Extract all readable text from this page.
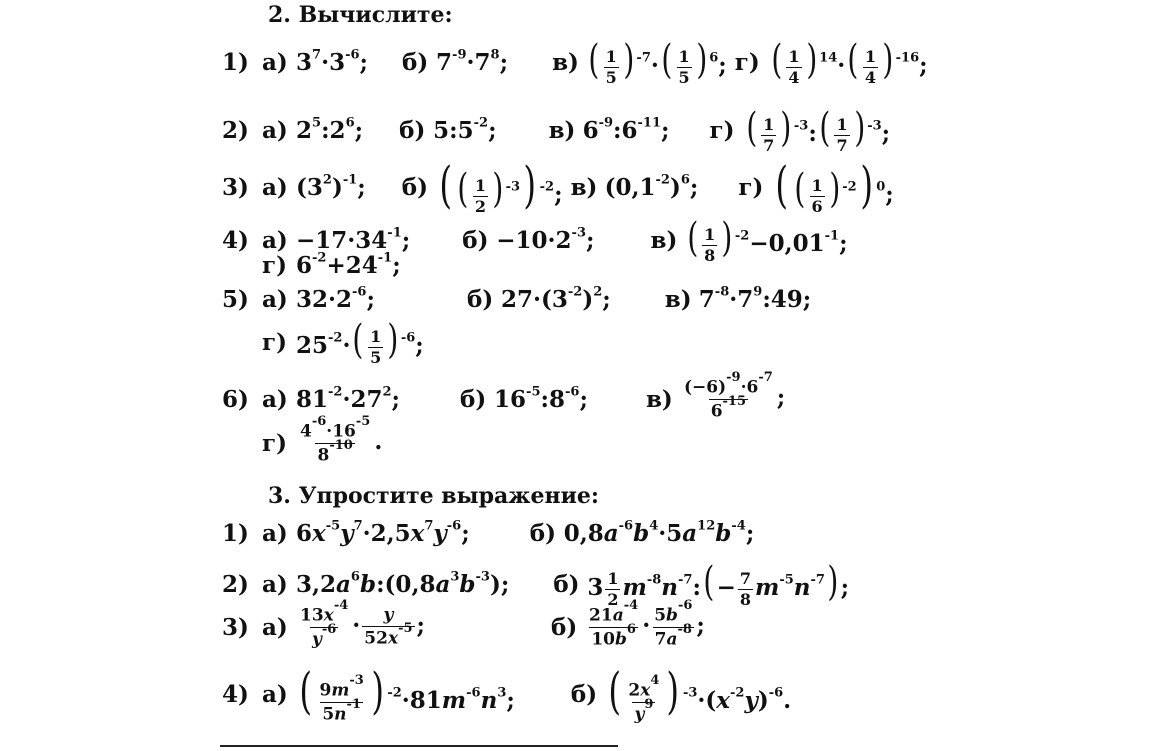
2. Вычислите:
1) а) $3^7\cdot 3^{-6}$; б) $7^{-9}\cdot 7^8$; в) ( $\frac{1}{5}$ ) $^{-7}\cdot( \frac{1}{5}$ ) $^6$; г) ( $\frac{1}{4}$ ) $^{14}\cdot( \frac{1}{4}$ ) $^{-16}$;
2) а) $2^5:2^6$; б) $5:5^{-2}$; в) $6^{-9}:6^{-11}$; г) ( $\frac{1}{7}$ ) $^{-3}$:( $\frac{1}{7}$ ) $^{-3}$;
3) а) $(3^2)^{-1}$; б) ( ( $\frac{1}{2}$ ) $^{-3}$) $^{-2}$; в) $(0,1^{-2})^6$; г) ( ( $\frac{1}{6}$ ) $^{-2}$) $^0$;
4) $а) -17\cdot 34^{-1}$; $б) -10\cdot 2^{-3}$; в) ( $\frac{1}{8}$ ) $^{-2}-0,01^{-1}$;
г) $6^{-2}+24^{-1}$;
5) а) $32\cdot 2^{-6}$;	б) $27\cdot(3^{-2})^2$; в) $7^{-8}\cdot 7^9:49$;
г) $25^{-2}\cdot( \frac{1}{5}$ ) $^{-6}$;
6) а) $81^{-2}\cdot 27^2$;	б) $16^{-5}:8^{-6}$;	$в) \frac{(-6)^{-9}\cdot 6^{-7}}{6^{-15}}$ ;
$г) \frac{4^{-6}\cdot 16^{-5}}{8^{-10}}$ .
3. Упростите выражение:
1) а) $6x^{-5}y^7\cdot 2,5x^7y^{-6}$;	б) $0,8a^{-6}b^4\cdot 5a^{12}b^{-4}$;
2) а) $3,2a^6b:(0,8a^3b^{-3})$; б) $3 \frac{1}{2}$ $m^{-8}n^{-7}:( - \frac{7}{8} m^{-5}n^{-7})$ ;
3) $а) \frac{13x^{-4}}{y^{-6}} \cdot \frac{y}{52x^{-5}}$ ;	$б) \frac{21a^{-4}}{10b^6} \cdot \frac{5b^{-6}}{7a^{-8}}$ ;
4) а) ( $\frac{9m^{-3}}{5n^{-1}}$ ) $^{-2}\cdot 81m^{-6}n^3$; б) ( $\frac{2x^4}{y^9}$ ) $^{-3}\cdot(x^{-2}y)^{-6}$.
